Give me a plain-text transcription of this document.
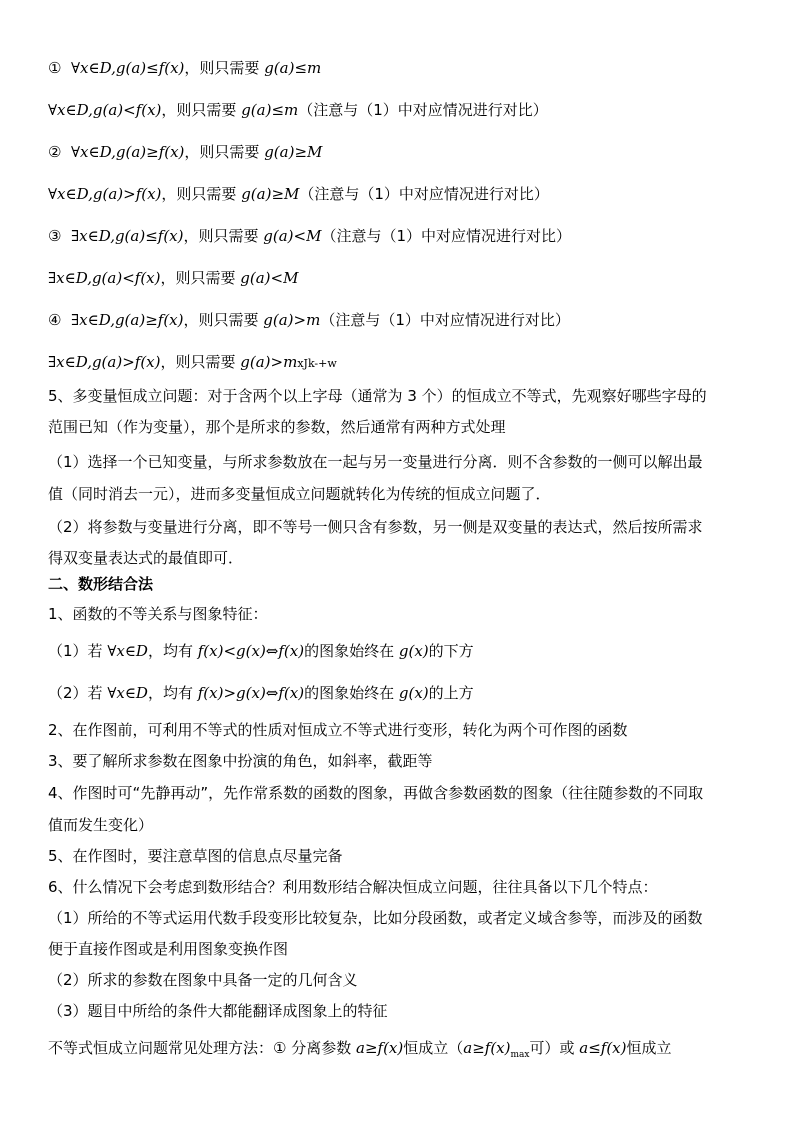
① ∀x∈D,g(a)≤f(x)，则只需要 g(a)≤m
∀x∈D,g(a)<f(x)，则只需要 g(a)≤m（注意与（1）中对应情况进行对比）
② ∀x∈D,g(a)≥f(x)，则只需要 g(a)≥M
∀x∈D,g(a)>f(x)，则只需要 g(a)≥M（注意与（1）中对应情况进行对比）
③ ∃x∈D,g(a)≤f(x)，则只需要 g(a)<M（注意与（1）中对应情况进行对比）
∃x∈D,g(a)<f(x)，则只需要 g(a)<M
④ ∃x∈D,g(a)≥f(x)，则只需要 g(a)>m（注意与（1）中对应情况进行对比）
∃x∈D,g(a)>f(x)，则只需要 g(a)>mxJk-+w
5、多变量恒成立问题：对于含两个以上字母（通常为 3 个）的恒成立不等式，先观察好哪些字母的
范围已知（作为变量），那个是所求的参数，然后通常有两种方式处理
（1）选择一个已知变量，与所求参数放在一起与另一变量进行分离．则不含参数的一侧可以解出最
值（同时消去一元），进而多变量恒成立问题就转化为传统的恒成立问题了．
（2）将参数与变量进行分离，即不等号一侧只含有参数，另一侧是双变量的表达式，然后按所需求
得双变量表达式的最值即可．
二、数形结合法
1、函数的不等关系与图象特征：
（1）若 ∀x∈D，均有 f(x)<g(x)⇔f(x)的图象始终在 g(x)的下方
（2）若 ∀x∈D，均有 f(x)>g(x)⇔f(x)的图象始终在 g(x)的上方
2、在作图前，可利用不等式的性质对恒成立不等式进行变形，转化为两个可作图的函数
3、要了解所求参数在图象中扮演的角色，如斜率，截距等
4、作图时可“先静再动”，先作常系数的函数的图象，再做含参数函数的图象（往往随参数的不同取
值而发生变化）
5、在作图时，要注意草图的信息点尽量完备
6、什么情况下会考虑到数形结合？利用数形结合解决恒成立问题，往往具备以下几个特点：
（1）所给的不等式运用代数手段变形比较复杂，比如分段函数，或者定义域含参等，而涉及的函数
便于直接作图或是利用图象变换作图
（2）所求的参数在图象中具备一定的几何含义
（3）题目中所给的条件大都能翻译成图象上的特征
不等式恒成立问题常见处理方法：① 分离参数 a≥f(x)恒成立（$a\ge f(x)_{max}$可）或 a≤f(x)恒成立
